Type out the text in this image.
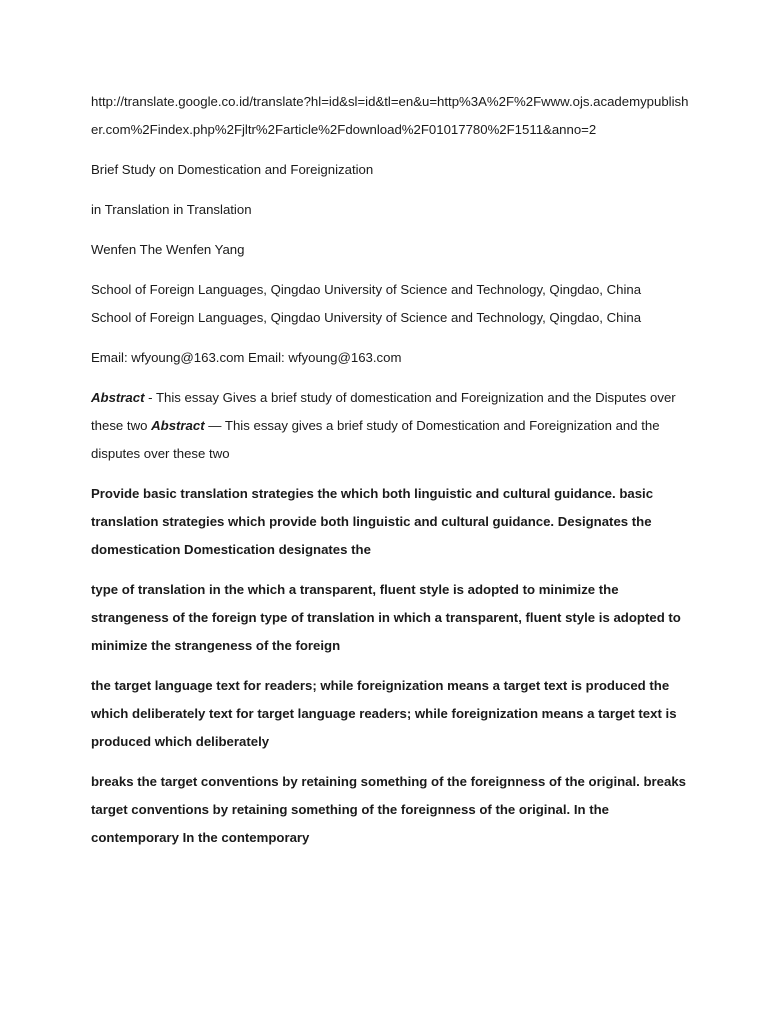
http://translate.google.co.id/translate?hl=id&sl=id&tl=en&u=http%3A%2F%2Fwww.ojs.academypublisher.com%2Findex.php%2Fjltr%2Farticle%2Fdownload%2F01017780%2F1511&anno=2

Brief Study on Domestication and Foreignization

in Translation in Translation

Wenfen The Wenfen Yang

School of Foreign Languages, Qingdao University of Science and Technology, Qingdao, China

School of Foreign Languages, Qingdao University of Science and Technology, Qingdao, China

Email: wfyoung@163.com Email: wfyoung@163.com

Abstract - This essay Gives a brief study of domestication and Foreignization and the Disputes over these two Abstract — This essay gives a brief study of Domestication and Foreignization and the disputes over these two

Provide basic translation strategies the which both linguistic and cultural guidance. basic translation strategies which provide both linguistic and cultural guidance. Designates the domestication Domestication designates the

type of translation in the which a transparent, fluent style is adopted to minimize the strangeness of the foreign type of translation in which a transparent, fluent style is adopted to minimize the strangeness of the foreign

the target language text for readers; while foreignization means a target text is produced the which deliberately text for target language readers; while foreignization means a target text is produced which deliberately

breaks the target conventions by retaining something of the foreignness of the original. breaks target conventions by retaining something of the foreignness of the original. In the contemporary In the contemporary
